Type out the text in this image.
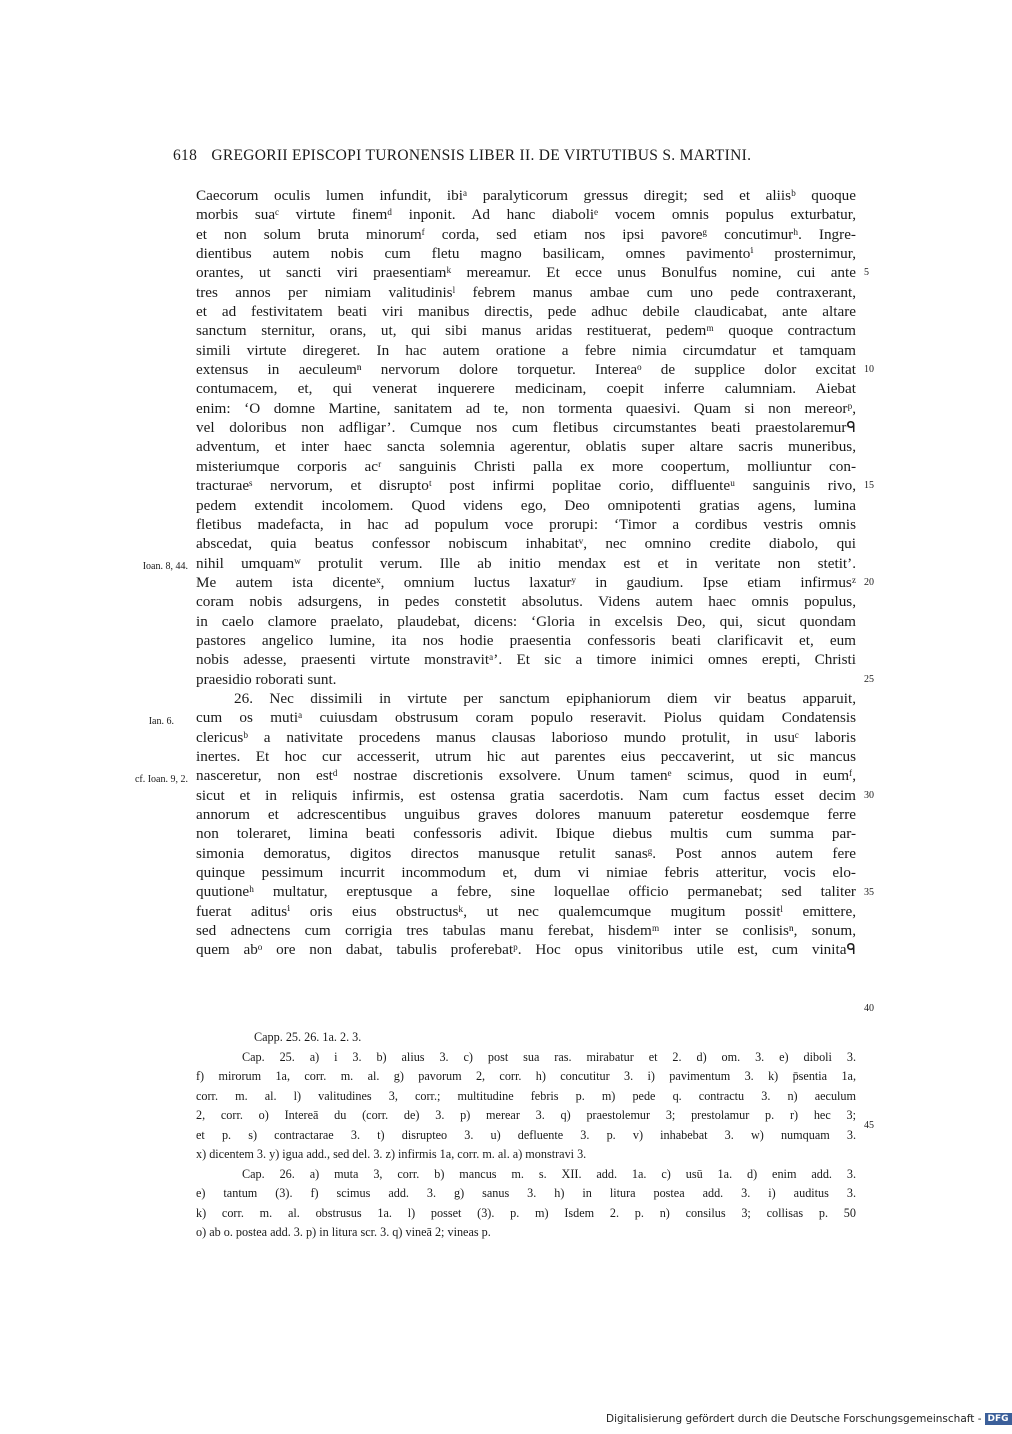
618 GREGORII EPISCOPI TURONENSIS LIBER II. DE VIRTUTIBUS S. MARTINI.
Caecorum oculis lumen infundit, ibiᵃ paralyticorum gressus diregit; sed et aliisᵇ quoque
morbis suaᶜ virtute finemᵈ inponit. Ad hanc diaboliᵉ vocem omnis populus exturbatur,
et non solum bruta minorumᶠ corda, sed etiam nos ipsi pavoreᵍ concutimurʰ. Ingre-
dientibus autem nobis cum fletu magno basilicam, omnes pavimentoⁱ prosternimur,
orantes, ut sancti viri praesentiamᵏ mereamur. Et ecce unus Bonulfus nomine, cui ante
tres annos per nimiam valitudinisˡ febrem manus ambae cum uno pede contraxerant,
et ad festivitatem beati viri manibus directis, pede adhuc debile claudicabat, ante altare
sanctum sternitur, orans, ut, qui sibi manus aridas restituerat, pedemᵐ quoque contractum
simili virtute diregeret. In hac autem oratione a febre nimia circumdatur et tamquam
extensus in aeculeumⁿ nervorum dolore torquetur. Intereaᵒ de supplice dolor excitat
contumacem, et, qui venerat inquerere medicinam, coepit inferre calumniam. Aiebat
enim: ‘O domne Martine, sanitatem ad te, non tormenta quaesivi. Quam si non mereorᵖ,
vel doloribus non adfligar’. Cumque nos cum fletibus circumstantes beati praestolaremurᑫ
adventum, et inter haec sancta solemnia agerentur, oblatis super altare sacris muneribus,
misteriumque corporis acʳ sanguinis Christi palla ex more coopertum, molliuntur con-
tracturaeˢ nervorum, et disruptoᵗ post infirmi poplitae corio, diffluenteᵘ sanguinis rivo,
pedem extendit incolomem. Quod videns ego, Deo omnipotenti gratias agens, lumina
fletibus madefacta, in hac ad populum voce prorupi: ‘Timor a cordibus vestris omnis
abscedat, quia beatus confessor nobiscum inhabitatᵛ, nec omnino credite diabolo, qui
nihil umquamʷ protulit verum. Ille ab initio mendax est et in veritate non stetit’.
Me autem ista dicenteˣ, omnium luctus laxaturʸ in gaudium. Ipse etiam infirmusᶻ
coram nobis adsurgens, in pedes constetit absolutus. Videns autem haec omnis populus,
in caelo clamore praelato, plaudebat, dicens: ‘Gloria in excelsis Deo, qui, sicut quondam
pastores angelico lumine, ita nos hodie praesentia confessoris beati clarificavit et, eum
nobis adesse, praesenti virtute monstravitᵃ’. Et sic a timore inimici omnes erepti, Christi
praesidio roborati sunt.
26. Nec dissimili in virtute per sanctum epiphaniorum diem vir beatus apparuit,
cum os mutiᵃ cuiusdam obstrusum coram populo reseravit. Piolus quidam Condatensis
clericusᵇ a nativitate procedens manus clausas laborioso mundo protulit, in usuᶜ laboris
inertes. Et hoc cur accesserit, utrum hic aut parentes eius peccaverint, ut sic mancus
nasceretur, non estᵈ nostrae discretionis exsolvere. Unum tamenᵉ scimus, quod in eumᶠ,
sicut et in reliquis infirmis, est ostensa gratia sacerdotis. Nam cum factus esset decim
annorum et adcrescentibus unguibus graves dolores manuum pateretur eosdemque ferre
non toleraret, limina beati confessoris adivit. Ibique diebus multis cum summa par-
simonia demoratus, digitos directos manusque retulit sanasᵍ. Post annos autem fere
quinque pessimum incurrit incommodum et, dum vi nimiae febris atteritur, vocis elo-
quutioneʰ multatur, ereptusque a febre, sine loquellae officio permanebat; sed taliter
fuerat aditusⁱ oris eius obstructusᵏ, ut nec qualemcumque mugitum possitˡ emittere,
sed adnectens cum corrigia tres tabulas manu ferebat, hisdemᵐ inter se conlisisⁿ, sonum,
quem abᵒ ore non dabat, tabulis proferebatᵖ. Hoc opus vinitoribus utile est, cum vinitaᑫ
5
10
15
20
25
30
35
40
Ioan. 8, 44.
Ian. 6.
cf. Ioan. 9, 2.
Capp. 25. 26. 1a. 2. 3.
Cap. 25. a) i 3. b) alius 3. c) post sua ras. mirabatur et 2. d) om. 3. e) diboli 3.
f) mirorum 1a, corr. m. al. g) pavorum 2, corr. h) concutitur 3. i) pavimentum 3. k) p̄sentia 1a,
corr. m. al. l) valitudines 3, corr.; multitudine febris p. m) pede q. contractu 3. n) aeculum
2, corr. o) Intereā du (corr. de) 3. p) merear 3. q) praestolemur 3; prestolamur p. r) hec 3;
et p. s) contractarae 3. t) disrupteo 3. u) defluente 3. p. v) inhabebat 3. w) numquam 3.
x) dicentem 3. y) igua add., sed del. 3. z) infirmis 1a, corr. m. al. a) monstravi 3.
Cap. 26. a) muta 3, corr. b) mancus m. s. XII. add. 1a. c) usū 1a. d) enim add. 3.
e) tantum (3). f) scimus add. 3. g) sanus 3. h) in litura postea add. 3. i) auditus 3.
k) corr. m. al. obstrusus 1a. l) posset (3). p. m) Isdem 2. p. n) consilus 3; collisas p. 50
o) ab o. postea add. 3. p) in litura scr. 3. q) vineā 2; vineas p.
45
Digitalisierung gefördert durch die Deutsche Forschungsgemeinschaft - DFG
